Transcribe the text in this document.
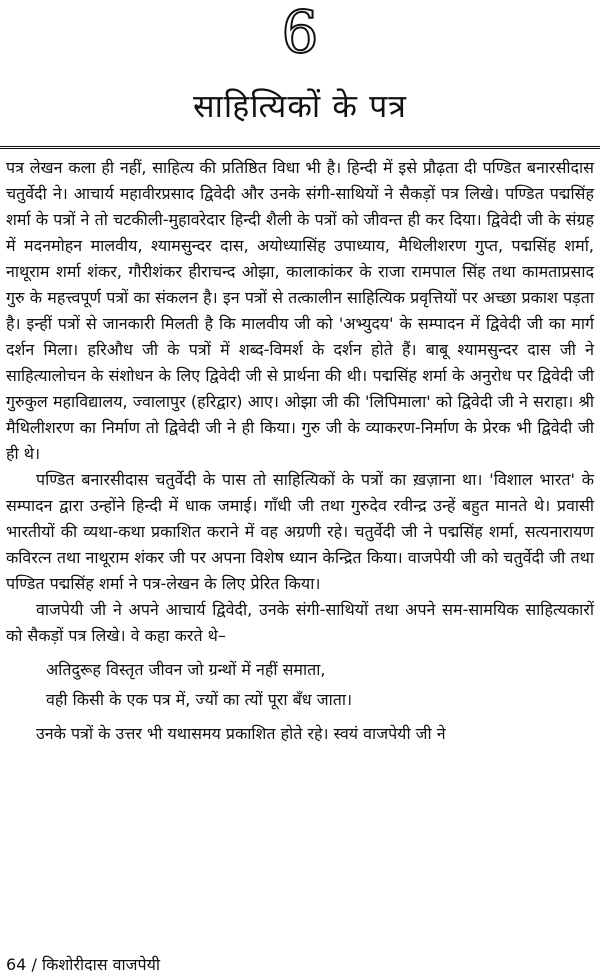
6
साहित्यिकों के पत्र

पत्र लेखन कला ही नहीं, साहित्य की प्रतिष्ठित विधा भी है। हिन्दी में इसे प्रौढ़ता दी पण्डित बनारसीदास चतुर्वेदी ने। आचार्य महावीरप्रसाद द्विवेदी और उनके संगी-साथियों ने सैकड़ों पत्र लिखे। पण्डित पद्मसिंह शर्मा के पत्रों ने तो चटकीली-मुहावरेदार हिन्दी शैली के पत्रों को जीवन्त ही कर दिया। द्विवेदी जी के संग्रह में मदनमोहन मालवीय, श्यामसुन्दर दास, अयोध्यासिंह उपाध्याय, मैथिलीशरण गुप्त, पद्मसिंह शर्मा, नाथूराम शर्मा शंकर, गौरीशंकर हीराचन्द ओझा, कालाकांकर के राजा रामपाल सिंह तथा कामताप्रसाद गुरु के महत्त्वपूर्ण पत्रों का संकलन है। इन पत्रों से तत्कालीन साहित्यिक प्रवृत्तियों पर अच्छा प्रकाश पड़ता है। इन्हीं पत्रों से जानकारी मिलती है कि मालवीय जी को 'अभ्युदय' के सम्पादन में द्विवेदी जी का मार्ग दर्शन मिला। हरिऔध जी के पत्रों में शब्द-विमर्श के दर्शन होते हैं। बाबू श्यामसुन्दर दास जी ने साहित्यालोचन के संशोधन के लिए द्विवेदी जी से प्रार्थना की थी। पद्मसिंह शर्मा के अनुरोध पर द्विवेदी जी गुरुकुल महाविद्यालय, ज्वालापुर (हरिद्वार) आए। ओझा जी की 'लिपिमाला' को द्विवेदी जी ने सराहा। श्री मैथिलीशरण का निर्माण तो द्विवेदी जी ने ही किया। गुरु जी के व्याकरण-निर्माण के प्रेरक भी द्विवेदी जी ही थे।

पण्डित बनारसीदास चतुर्वेदी के पास तो साहित्यिकों के पत्रों का ख़ज़ाना था। 'विशाल भारत' के सम्पादन द्वारा उन्होंने हिन्दी में धाक जमाई। गाँधी जी तथा गुरुदेव रवीन्द्र उन्हें बहुत मानते थे। प्रवासी भारतीयों की व्यथा-कथा प्रकाशित कराने में वह अग्रणी रहे। चतुर्वेदी जी ने पद्मसिंह शर्मा, सत्यनारायण कविरत्न तथा नाथूराम शंकर जी पर अपना विशेष ध्यान केन्द्रित किया। वाजपेयी जी को चतुर्वेदी जी तथा पण्डित पद्मसिंह शर्मा ने पत्र-लेखन के लिए प्रेरित किया।

वाजपेयी जी ने अपने आचार्य द्विवेदी, उनके संगी-साथियों तथा अपने सम-सामयिक साहित्यकारों को सैकड़ों पत्र लिखे। वे कहा करते थे–

अतिदुरूह विस्तृत जीवन जो ग्रन्थों में नहीं समाता,
वही किसी के एक पत्र में, ज्यों का त्यों पूरा बँध जाता।

उनके पत्रों के उत्तर भी यथासमय प्रकाशित होते रहे। स्वयं वाजपेयी जी ने

64 / किशोरीदास वाजपेयी
